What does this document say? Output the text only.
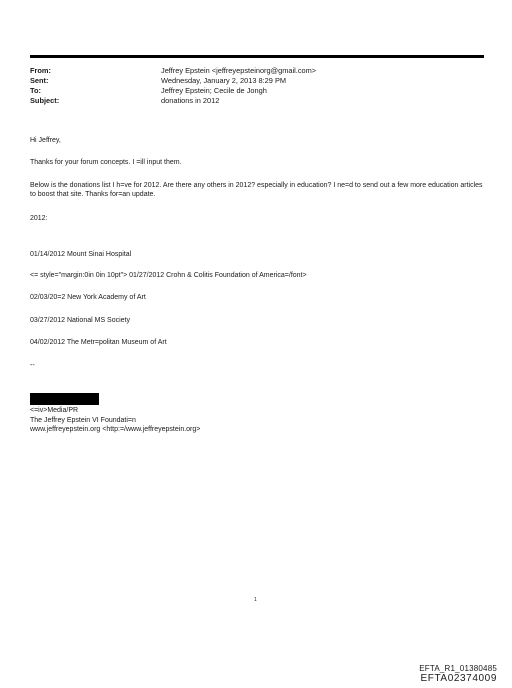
From:	Jeffrey Epstein <jeffreyepsteinorg@gmail.com>
Sent:	Wednesday, January 2, 2013 8:29 PM
To:	Jeffrey Epstein; Cecile de Jongh
Subject:	donations in 2012
Hi Jeffrey,
Thanks for your forum concepts. I =ill input them.
Below is the donations list I h=ve for 2012. Are there any others in 2012? especially in education? I ne=d to send out a few more education articles to boost that site. Thanks for=an update.
2012:
01/14/2012 Mount Sinai Hospital
<= style="margin:0in 0in 10pt"> 01/27/2012 Crohn & Colitis Foundation of America=/font>
02/03/20=2 New York Academy of Art
03/27/2012 National MS Society
04/02/2012 The Metr=politan Museum of Art
--
<=iv>Media/PR
The Jeffrey Epstein VI Foundati=n
www.jeffreyepstein.org <http:=/www.jeffreyepstein.org>
1
EFTA_R1_01380485
EFTA02374009
